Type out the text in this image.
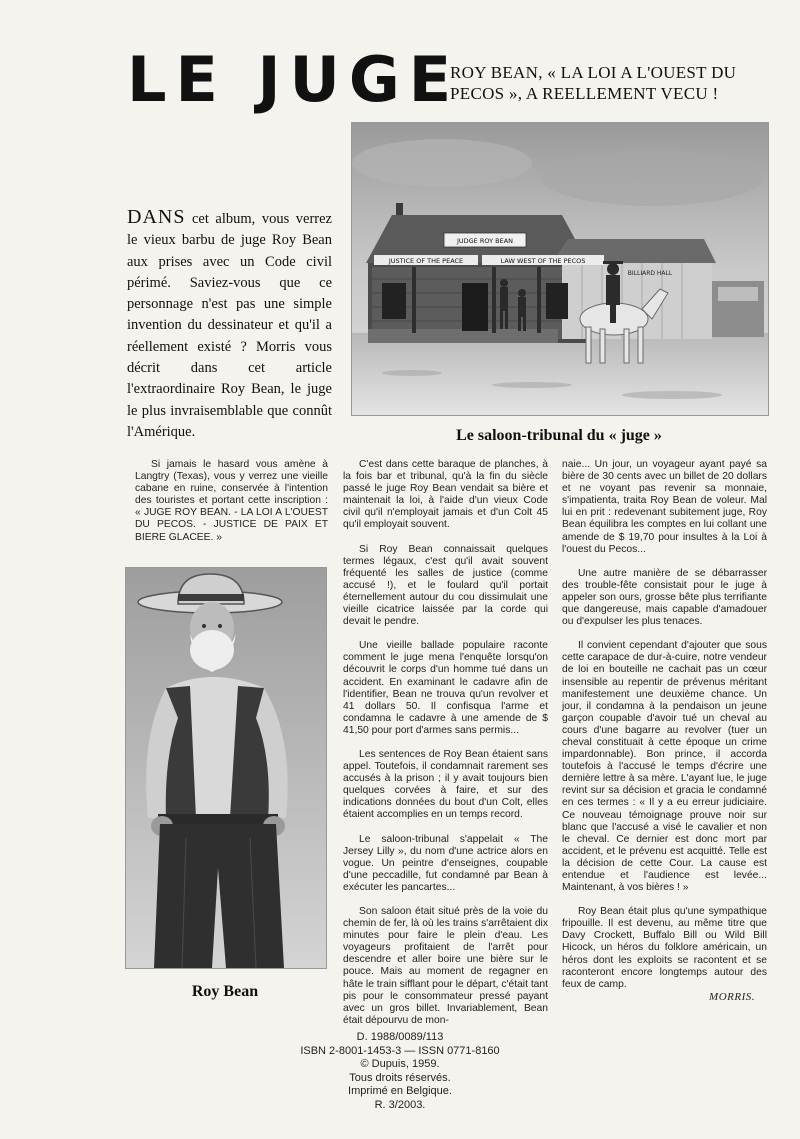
LE JUGE
ROY BEAN, « LA LOI A L'OUEST DU PECOS », A REELLEMENT VECU !
JUDGE ROY BEAN
JUSTICE OF THE PEACE	LAW WEST OF THE PECOS
BILLIARD HALL
Le saloon-tribunal du « juge »
DANS cet album, vous verrez le vieux barbu de juge Roy Bean aux prises avec un Code civil périmé. Saviez-vous que ce personnage n'est pas une simple invention du dessinateur et qu'il a réellement existé ? Morris vous décrit dans cet article l'extraordinaire Roy Bean, le juge le plus invraisemblable que connût l'Amérique.

Si jamais le hasard vous amène à Langtry (Texas), vous y verrez une vieille cabane en ruine, conservée à l'intention des touristes et portant cette inscription : « JUGE ROY BEAN. - LA LOI A L'OUEST DU PECOS. - JUSTICE DE PAIX ET BIERE GLACEE. »

Roy Bean

C'est dans cette baraque de planches, à la fois bar et tribunal, qu'à la fin du siècle passé le juge Roy Bean vendait sa bière et maintenait la loi, à l'aide d'un vieux Code civil qu'il n'employait jamais et d'un Colt 45 qu'il employait souvent.

Si Roy Bean connaissait quelques termes légaux, c'est qu'il avait souvent fréquenté les salles de justice (comme accusé !), et le foulard qu'il portait éternellement autour du cou dissimulait une vieille cicatrice laissée par la corde qui devait le pendre.

Une vieille ballade populaire raconte comment le juge mena l'enquête lorsqu'on découvrit le corps d'un homme tué dans un accident. En examinant le cadavre afin de l'identifier, Bean ne trouva qu'un revolver et 41 dollars 50. Il confisqua l'arme et condamna le cadavre à une amende de $ 41,50 pour port d'armes sans permis...

Les sentences de Roy Bean étaient sans appel. Toutefois, il condamnait rarement ses accusés à la prison ; il y avait toujours bien quelques corvées à faire, et sur des indications données du bout d'un Colt, elles étaient accomplies en un temps record.

Le saloon-tribunal s'appelait « The Jersey Lilly », du nom d'une actrice alors en vogue. Un peintre d'enseignes, coupable d'une peccadille, fut condamné par Bean à exécuter les pancartes...

Son saloon était situé près de la voie du chemin de fer, là où les trains s'arrêtaient dix minutes pour faire le plein d'eau. Les voyageurs profitaient de l'arrêt pour descendre et aller boire une bière sur le pouce. Mais au moment de regagner en hâte le train sifflant pour le départ, c'était tant pis pour le consommateur pressé payant avec un gros billet. Invariablement, Bean était dépourvu de mon-

naie... Un jour, un voyageur ayant payé sa bière de 30 cents avec un billet de 20 dollars et ne voyant pas revenir sa monnaie, s'impatienta, traita Roy Bean de voleur. Mal lui en prit : redevenant subitement juge, Roy Bean équilibra les comptes en lui collant une amende de $ 19,70 pour insultes à la Loi à l'ouest du Pecos...

Une autre manière de se débarrasser des trouble-fête consistait pour le juge à appeler son ours, grosse bête plus terrifiante que dangereuse, mais capable d'amadouer ou d'expulser les plus tenaces.

Il convient cependant d'ajouter que sous cette carapace de dur-à-cuire, notre vendeur de loi en bouteille ne cachait pas un cœur insensible au repentir de prévenus méritant manifestement une deuxième chance. Un jour, il condamna à la pendaison un jeune garçon coupable d'avoir tué un cheval au cours d'une bagarre au revolver (tuer un cheval constituait à cette époque un crime impardonnable). Bon prince, il accorda toutefois à l'accusé le temps d'écrire une dernière lettre à sa mère. L'ayant lue, le juge revint sur sa décision et gracia le condamné en ces termes : « Il y a eu erreur judiciaire. Ce nouveau témoignage prouve noir sur blanc que l'accusé a visé le cavalier et non le cheval. Ce dernier est donc mort par accident, et le prévenu est acquitté. Telle est la décision de cette Cour. La cause est entendue et l'audience est levée... Maintenant, à vos bières ! »

Roy Bean était plus qu'une sympathique fripouille. Il est devenu, au même titre que Davy Crockett, Buffalo Bill ou Wild Bill Hicock, un héros du folklore américain, un héros dont les exploits se racontent et se raconteront encore longtemps autour des feux de camp.

MORRIS.
D. 1988/0089/113
ISBN 2-8001-1453-3 — ISSN 0771-8160
© Dupuis, 1959.
Tous droits réservés.
Imprimé en Belgique.
R. 3/2003.
